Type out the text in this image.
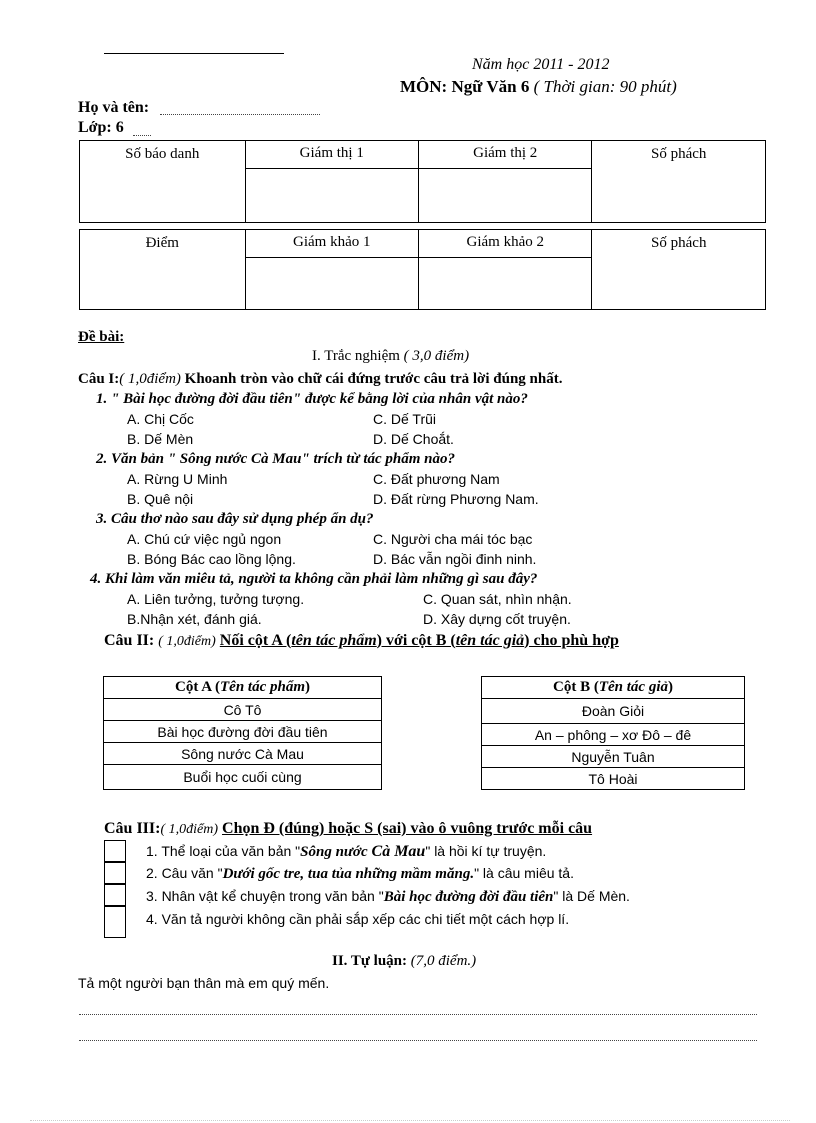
Năm học 2011 - 2012
MÔN: Ngữ Văn 6 ( Thời gian: 90 phút)
Họ và tên:
Lớp: 6
Số báo danh	Giám thị 1	Giám thị 2	Số phách

Điểm	Giám khảo 1	Giám khảo 2	Số phách

Đề bài:
I. Trắc nghiệm ( 3,0 điểm)
Câu I:( 1,0điểm) Khoanh tròn vào chữ cái đứng trước câu trả lời đúng nhất.
1. " Bài học đường đời đầu tiên" được kể bằng lời của nhân vật nào?
A. Chị Cốc	C. Dế Trũi
B. Dế Mèn	D. Dế Choắt.
2. Văn bản " Sông nước Cà Mau" trích từ tác phẩm nào?
A. Rừng U Minh	C. Đất phương Nam
B. Quê nội	D. Đất rừng Phương Nam.
3. Câu thơ nào sau đây sử dụng phép ẩn dụ?
A. Chú cứ việc ngủ ngon	C. Người cha mái tóc bạc
B. Bóng Bác cao lồng lộng.	D. Bác vẫn ngồi đinh ninh.
4. Khi làm văn miêu tả, người ta không cần phải làm những gì sau đây?
A. Liên tưởng, tưởng tượng.	C. Quan sát, nhìn nhận.
B.Nhận xét, đánh giá.	D. Xây dựng cốt truyện.
Câu II: ( 1,0điểm) Nối cột A (tên tác phẩm) với cột B (tên tác giả) cho phù hợp
Cột A (Tên tác phẩm)
Cô Tô
Bài học đường đời đầu tiên
Sông nước Cà Mau
Buổi học cuối cùng
Cột B (Tên tác giả)
Đoàn Giỏi
An – phông – xơ Đô – đê
Nguyễn Tuân
Tô Hoài
Câu III:( 1,0điểm) Chọn Đ (đúng) hoặc S (sai) vào ô vuông trước mỗi câu
1. Thể loại của văn bản "Sông nước Cà Mau" là hồi kí tự truyện.
2. Câu văn "Dưới gốc tre, tua tủa những mầm măng." là câu miêu tả.
3. Nhân vật kể chuyện trong văn bản "Bài học đường đời đầu tiên" là Dế Mèn.
4. Văn tả người không cần phải sắp xếp các chi tiết một cách hợp lí.
II. Tự luận: (7,0 điểm.)
Tả một người bạn thân mà em quý mến.
